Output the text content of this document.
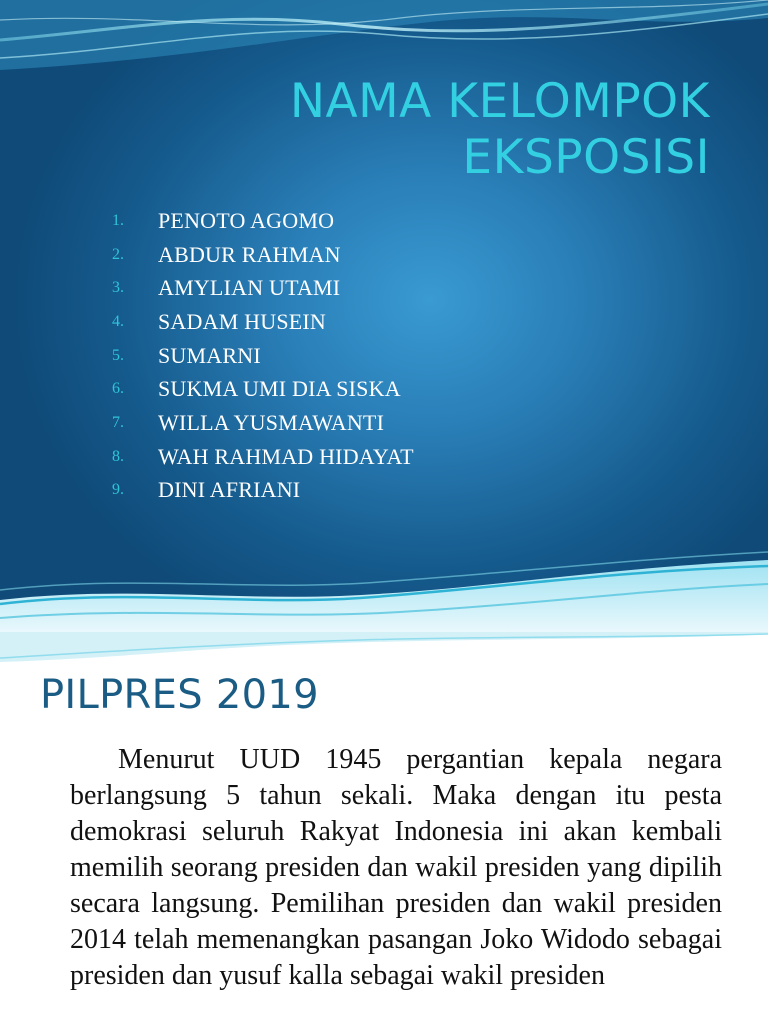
NAMA KELOMPOK
EKSPOSISI
1.	PENOTO AGOMO
2.	ABDUR RAHMAN
3.	AMYLIAN UTAMI
4.	SADAM HUSEIN
5.	SUMARNI
6.	SUKMA UMI DIA SISKA
7.	WILLA YUSMAWANTI
8.	WAH RAHMAD HIDAYAT
9.	DINI AFRIANI
PILPRES 2019

Menurut UUD 1945 pergantian kepala negara berlangsung 5 tahun sekali. Maka dengan itu pesta demokrasi seluruh Rakyat Indonesia ini akan kembali memilih seorang presiden dan wakil presiden yang dipilih secara langsung. Pemilihan presiden dan wakil presiden 2014 telah memenangkan pasangan Joko Widodo sebagai presiden dan yusuf kalla sebagai wakil presiden
